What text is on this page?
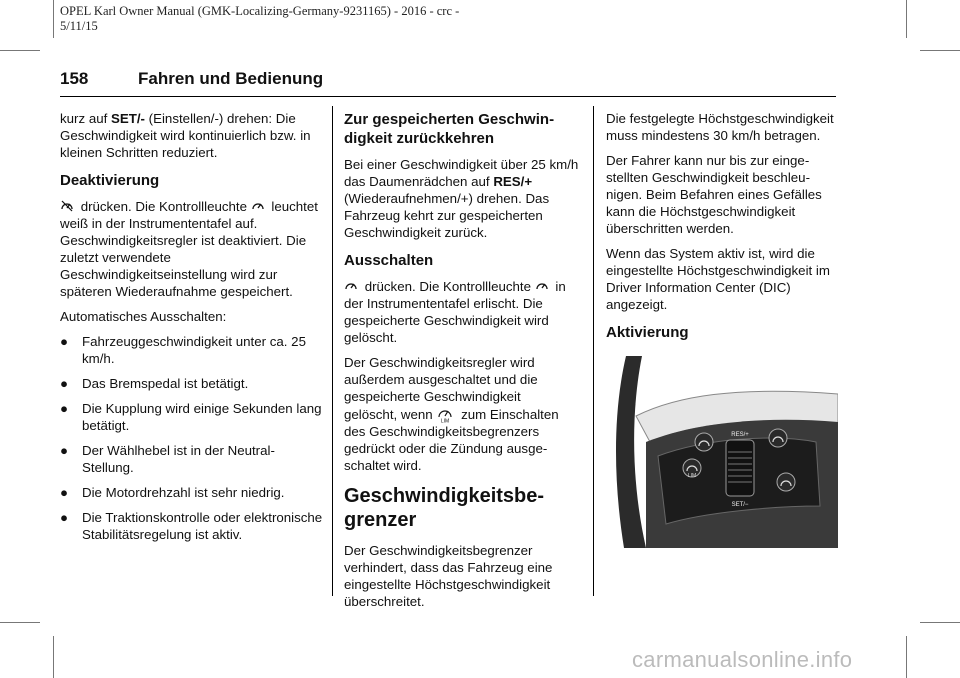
OPEL Karl Owner Manual (GMK-Localizing-Germany-9231165) - 2016 - crc -
5/11/15
158	Fahren und Bedienung

kurz auf SET/- (Einstellen/-) drehen: Die Geschwindigkeit wird kontinuierlich bzw. in kleinen Schritten reduziert.

Deaktivierung

drücken. Die Kontrollleuchte  leuchtet weiß in der Instrumententafel auf. Geschwindigkeitsregler ist deaktiviert. Die zuletzt verwendete Geschwindigkeitseinstellung wird zur späteren Wiederaufnahme gespeichert.

Automatisches Ausschalten:

● Fahrzeuggeschwindigkeit unter ca. 25 km/h.
● Das Bremspedal ist betätigt.
● Die Kupplung wird einige Sekunden lang betätigt.
● Der Wählhebel ist in der Neutral-Stellung.
● Die Motordrehzahl ist sehr niedrig.
● Die Traktionskontrolle oder elektronische Stabilitätsregelung ist aktiv.
Zur gespeicherten Geschwindigkeit zurückkehren

Bei einer Geschwindigkeit über 25 km/h das Daumenrädchen auf RES/+ (Wiederaufnehmen/+) drehen. Das Fahrzeug kehrt zur gespeicherten Geschwindigkeit zurück.

Ausschalten

drücken. Die Kontrollleuchte  in der Instrumententafel erlischt. Die gespeicherte Geschwindigkeit wird gelöscht.

Der Geschwindigkeitsregler wird außerdem ausgeschaltet und die gespeicherte Geschwindigkeit
gelöscht, wenn LIM zum Einschalten des Geschwindigkeitsbegrenzers gedrückt oder die Zündung ausgeschaltet wird.

Geschwindigkeitsbegrenzer

Der Geschwindigkeitsbegrenzer verhindert, dass das Fahrzeug eine eingestellte Höchstgeschwindigkeit überschreitet.

Die festgelegte Höchstgeschwindigkeit muss mindestens 30 km/h betragen.

Der Fahrer kann nur bis zur eingestellten Geschwindigkeit beschleunigen. Beim Befahren eines Gefälles kann die Höchstgeschwindigkeit überschritten werden.

Wenn das System aktiv ist, wird die eingestellte Höchstgeschwindigkeit im Driver Information Center (DIC) angezeigt.

Aktivierung
LIM
RES/+
SET/−
carmanualsonline.info
